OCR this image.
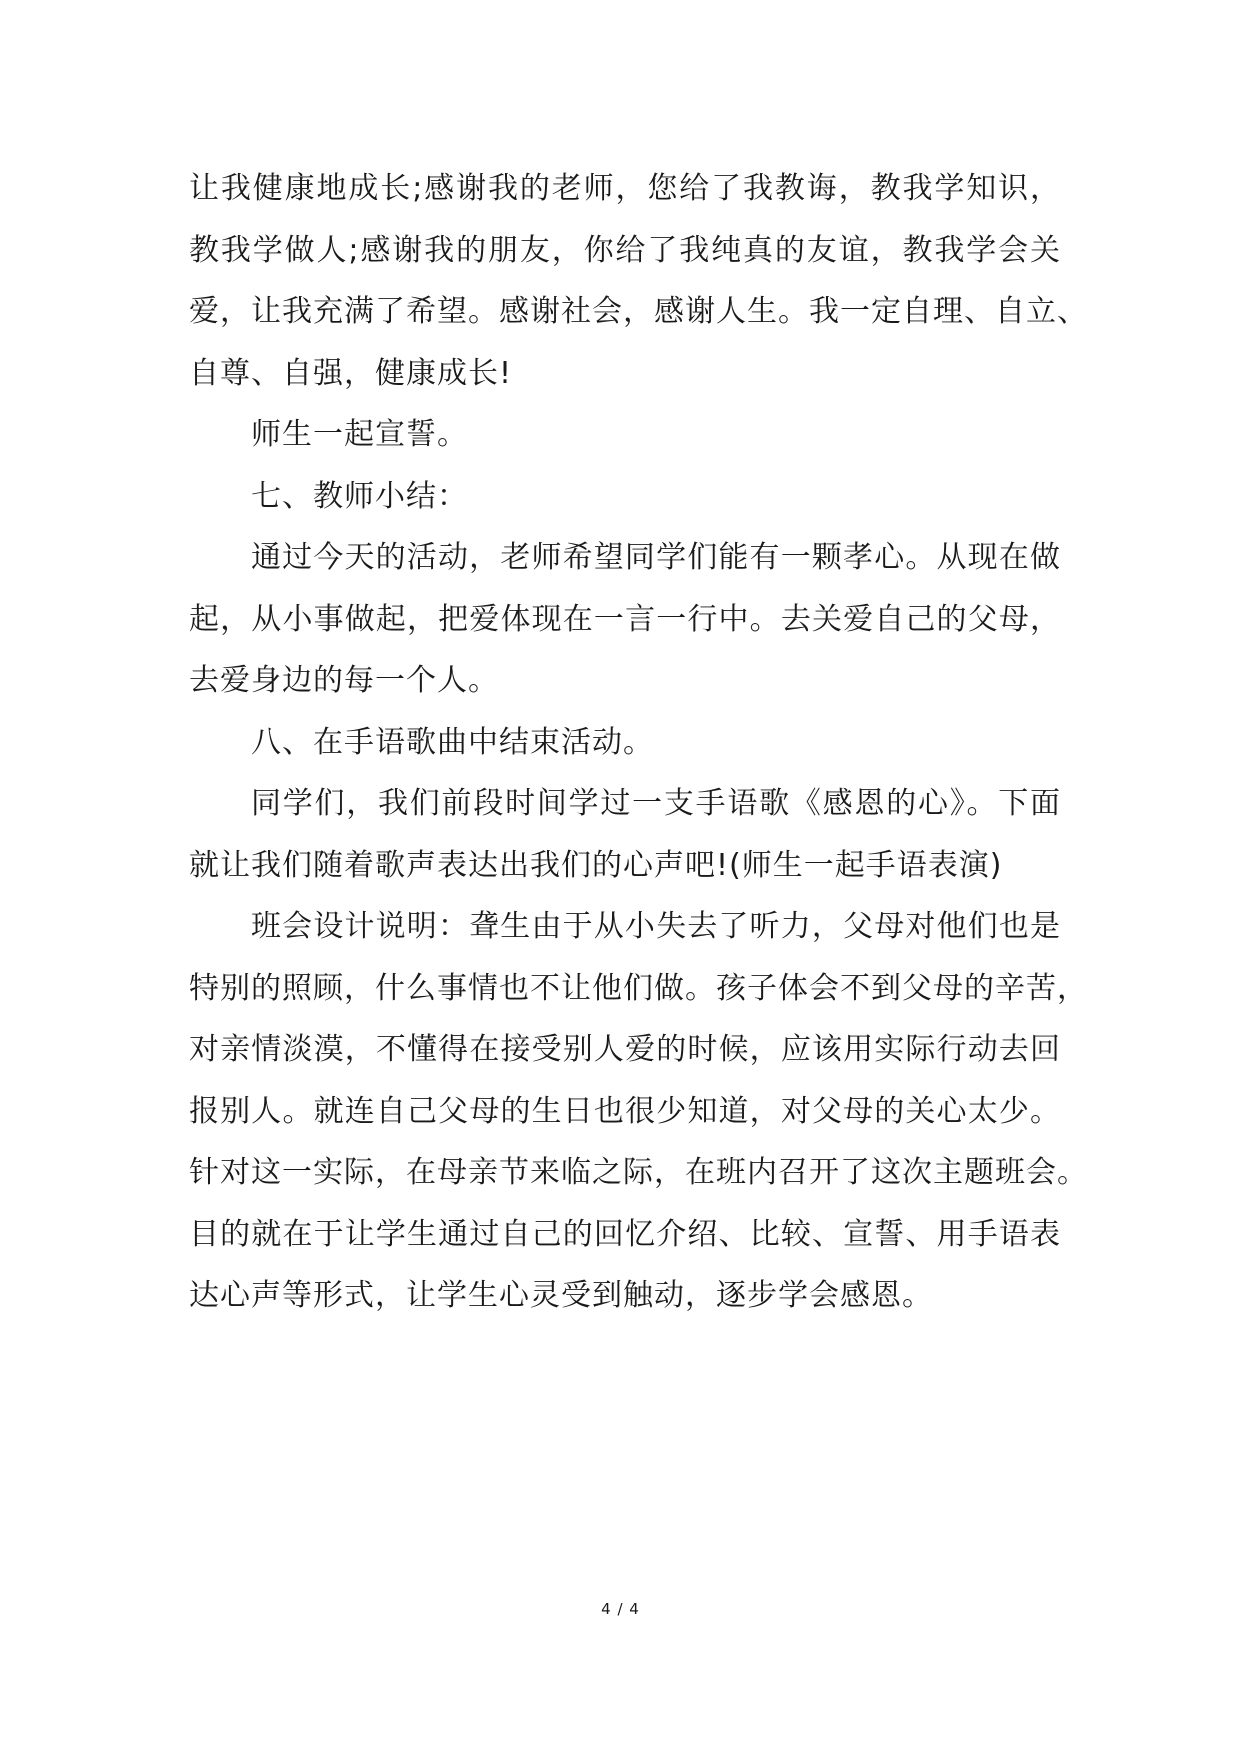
让我健康地成长;感谢我的老师，您给了我教诲，教我学知识，
教我学做人;感谢我的朋友，你给了我纯真的友谊，教我学会关
爱，让我充满了希望。感谢社会，感谢人生。我一定自理、自立、
自尊、自强，健康成长!
师生一起宣誓。
七、教师小结：
通过今天的活动，老师希望同学们能有一颗孝心。从现在做
起，从小事做起，把爱体现在一言一行中。去关爱自己的父母，
去爱身边的每一个人。
八、在手语歌曲中结束活动。
同学们，我们前段时间学过一支手语歌《感恩的心》。下面
就让我们随着歌声表达出我们的心声吧!(师生一起手语表演)
班会设计说明：聋生由于从小失去了听力，父母对他们也是
特别的照顾，什么事情也不让他们做。孩子体会不到父母的辛苦，
对亲情淡漠，不懂得在接受别人爱的时候，应该用实际行动去回
报别人。就连自己父母的生日也很少知道，对父母的关心太少。
针对这一实际，在母亲节来临之际，在班内召开了这次主题班会。
目的就在于让学生通过自己的回忆介绍、比较、宣誓、用手语表
达心声等形式，让学生心灵受到触动，逐步学会感恩。
4 / 4
